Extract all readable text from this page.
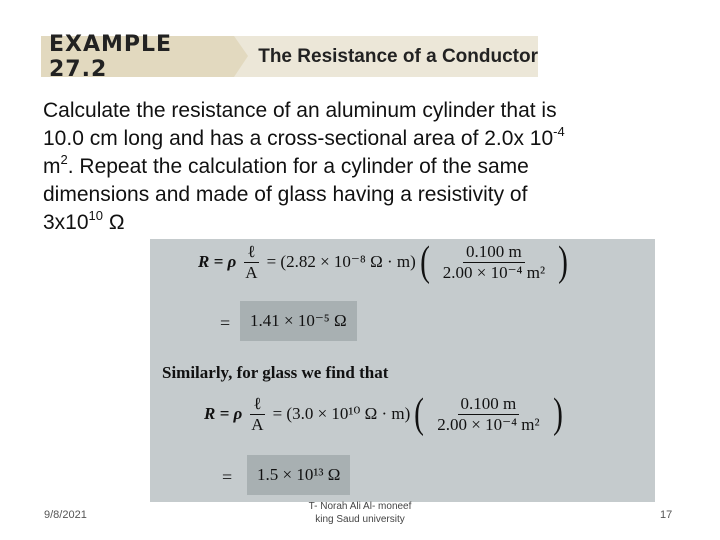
EXAMPLE 27.2
The Resistance of a Conductor
Calculate the resistance of an aluminum cylinder that is
10.0 cm long and has a cross-sectional area of 2.0x $10^{-4}$
$m^2$. Repeat the calculation for a cylinder of the same
dimensions and made of glass having a resistivity of
$3x10^{10}$ Ω
R = ρ $\frac{\text{ℓ}}{A} = (2.82 \times 10^{-8}$ Ω · m) ( $\frac{0.100 m}{\text{2.00 × 10⁻⁴ m²}}$ )
= 1.41 × 10⁻⁵ Ω
Similarly, for glass we find that
R = ρ $\frac{\text{ℓ}}{A} = (3.0 \times 10^{10}$ Ω · m) ( $\frac{0.100 m}{\text{2.00 × 10⁻⁴ m²}}$ )
= 1.5 × 10¹³ Ω
9/8/2021
T- Norah Ali Al- moneef
king Saud university	17
